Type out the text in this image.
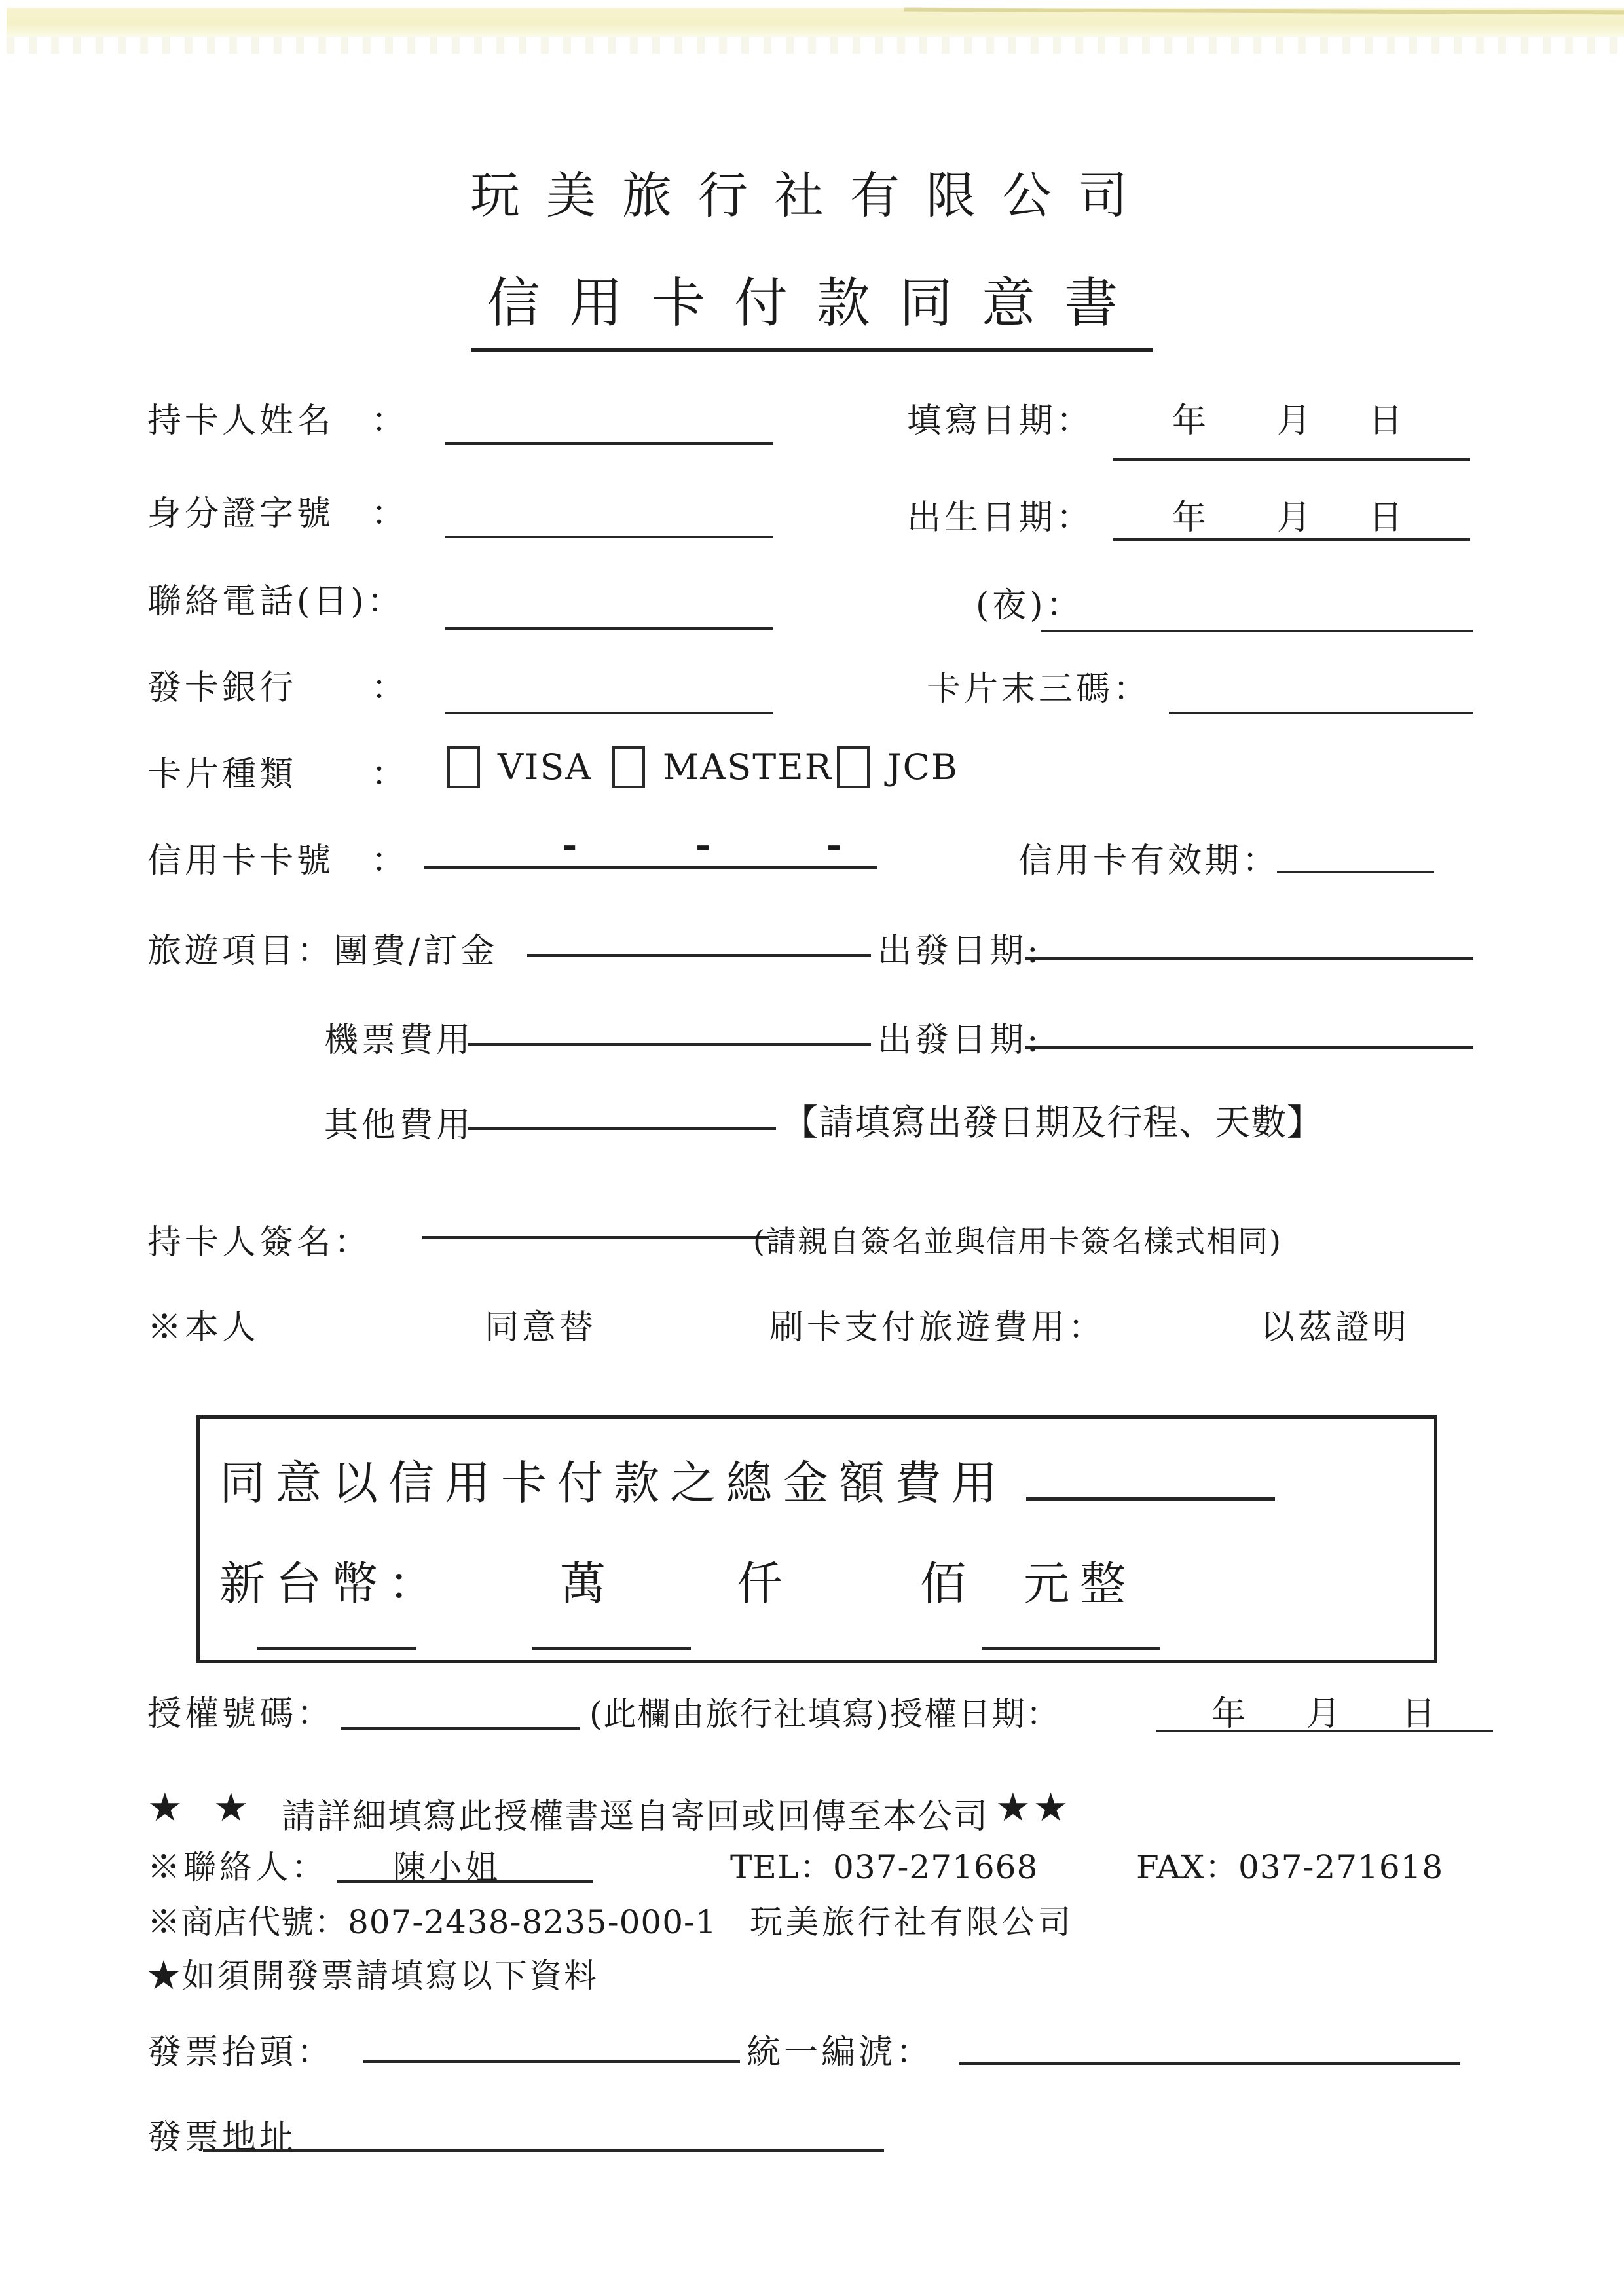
玩美旅行社有限公司
信用卡付款同意書
持卡人姓名　：	填寫日期： 年 月 日
身分證字號　：	出生日期： 年 月 日
聯絡電話(日)：	(夜)：
發卡銀行　　：	卡片末三碼：
卡片種類　　：	VISA MASTER JCB
信用卡卡號　：	-	-	-	信用卡有效期：
旅遊項目：團費/訂金	出發日期:
機票費用	出發日期:
其他費用	【請填寫出發日期及行程、天數】
持卡人簽名：	(請親自簽名並與信用卡簽名樣式相同)
※本人	同意替	刷卡支付旅遊費用：	以茲證明
同意以信用卡付款之總金額費用
新台幣：	萬	仟	佰 元整
授權號碼：	(此欄由旅行社填寫)授權日期：	年 月 日
★ ★ 請詳細填寫此授權書逕自寄回或回傳至本公司 ★★
※聯絡人： 陳小姐	TEL：037-271668	FAX：037-271618
※商店代號：807-2438-8235-000-1 玩美旅行社有限公司
★如須開發票請填寫以下資料
發票抬頭：	統一編淲：
發票地址
